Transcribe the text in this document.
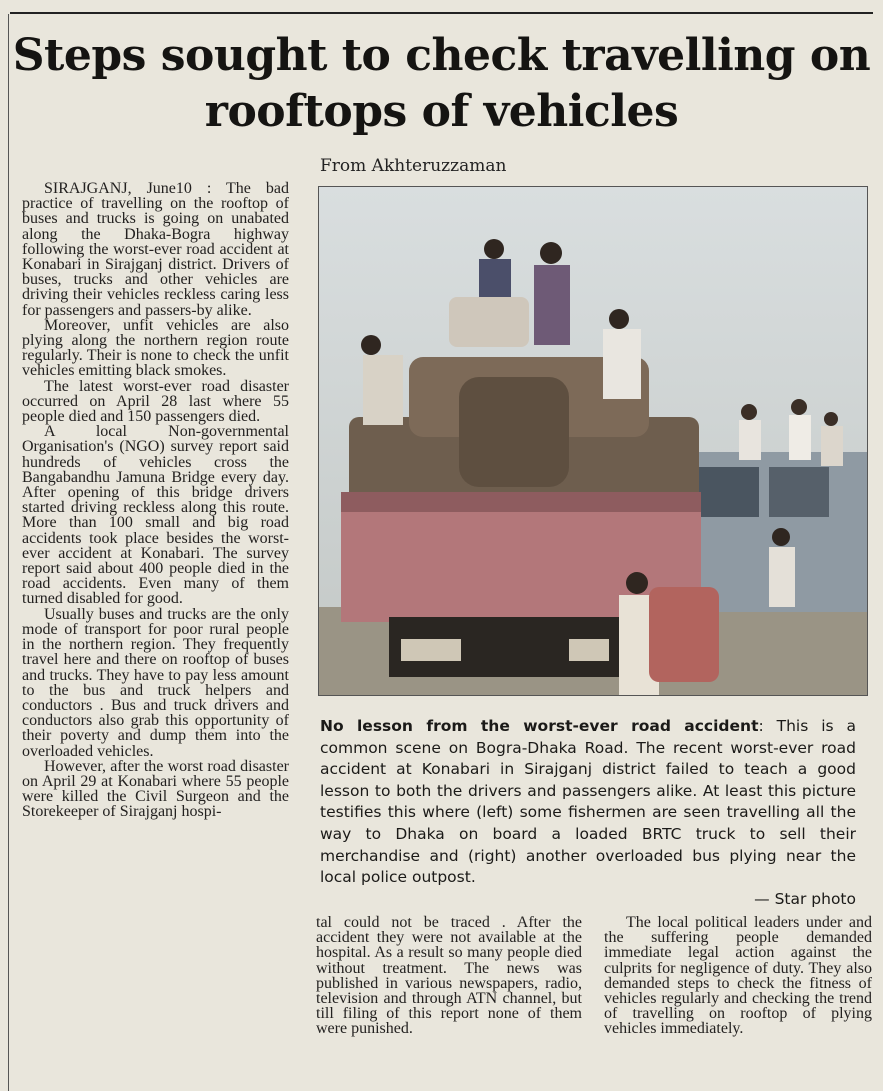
Steps sought to check travelling on rooftops of vehicles
From Akhteruzzaman

SIRAJGANJ, June10 : The bad practice of travelling on the rooftop of buses and trucks is going on unabated along the Dhaka-Bogra highway following the worst-ever road accident at Konabari in Sirajganj district. Drivers of buses, trucks and other vehicles are driving their vehicles reckless caring less for passengers and passers-by alike.

Moreover, unfit vehicles are also plying along the northern region route regularly. Their is none to check the unfit vehicles emitting black smokes.

The latest worst-ever road disaster occurred on April 28 last where 55 people died and 150 passengers died.

A local Non-governmental Organisation's (NGO) survey report said hundreds of vehicles cross the Bangabandhu Jamuna Bridge every day. After opening of this bridge drivers started driving reckless along this route. More than 100 small and big road accidents took place besides the worst-ever accident at Konabari. The survey report said about 400 people died in the road accidents. Even many of them turned disabled for good.

Usually buses and trucks are the only mode of transport for poor rural people in the northern region. They frequently travel here and there on rooftop of buses and trucks. They have to pay less amount to the bus and truck helpers and conductors . Bus and truck drivers and conductors also grab this opportunity of their poverty and dump them into the overloaded vehicles.

However, after the worst road disaster on April 29 at Konabari where 55 people were killed the Civil Surgeon and the Storekeeper of Sirajganj hospi-

No lesson from the worst-ever road accident: This is a common scene on Bogra-Dhaka Road. The recent worst-ever road accident at Konabari in Sirajganj district failed to teach a good lesson to both the drivers and passengers alike. At least this picture testifies this where (left) some fishermen are seen travelling all the way to Dhaka on board a loaded BRTC truck to sell their merchandise and (right) another overloaded bus plying near the local police outpost.
— Star photo

tal could not be traced . After the accident they were not available at the hospital. As a result so many people died without treatment. The news was published in various newspapers, radio, television and through ATN channel, but till filing of this report none of them were punished.

The local political leaders under and the suffering people demanded immediate legal action against the culprits for negligence of duty. They also demanded steps to check the fitness of vehicles regularly and checking the trend of travelling on rooftop of plying vehicles immediately.
